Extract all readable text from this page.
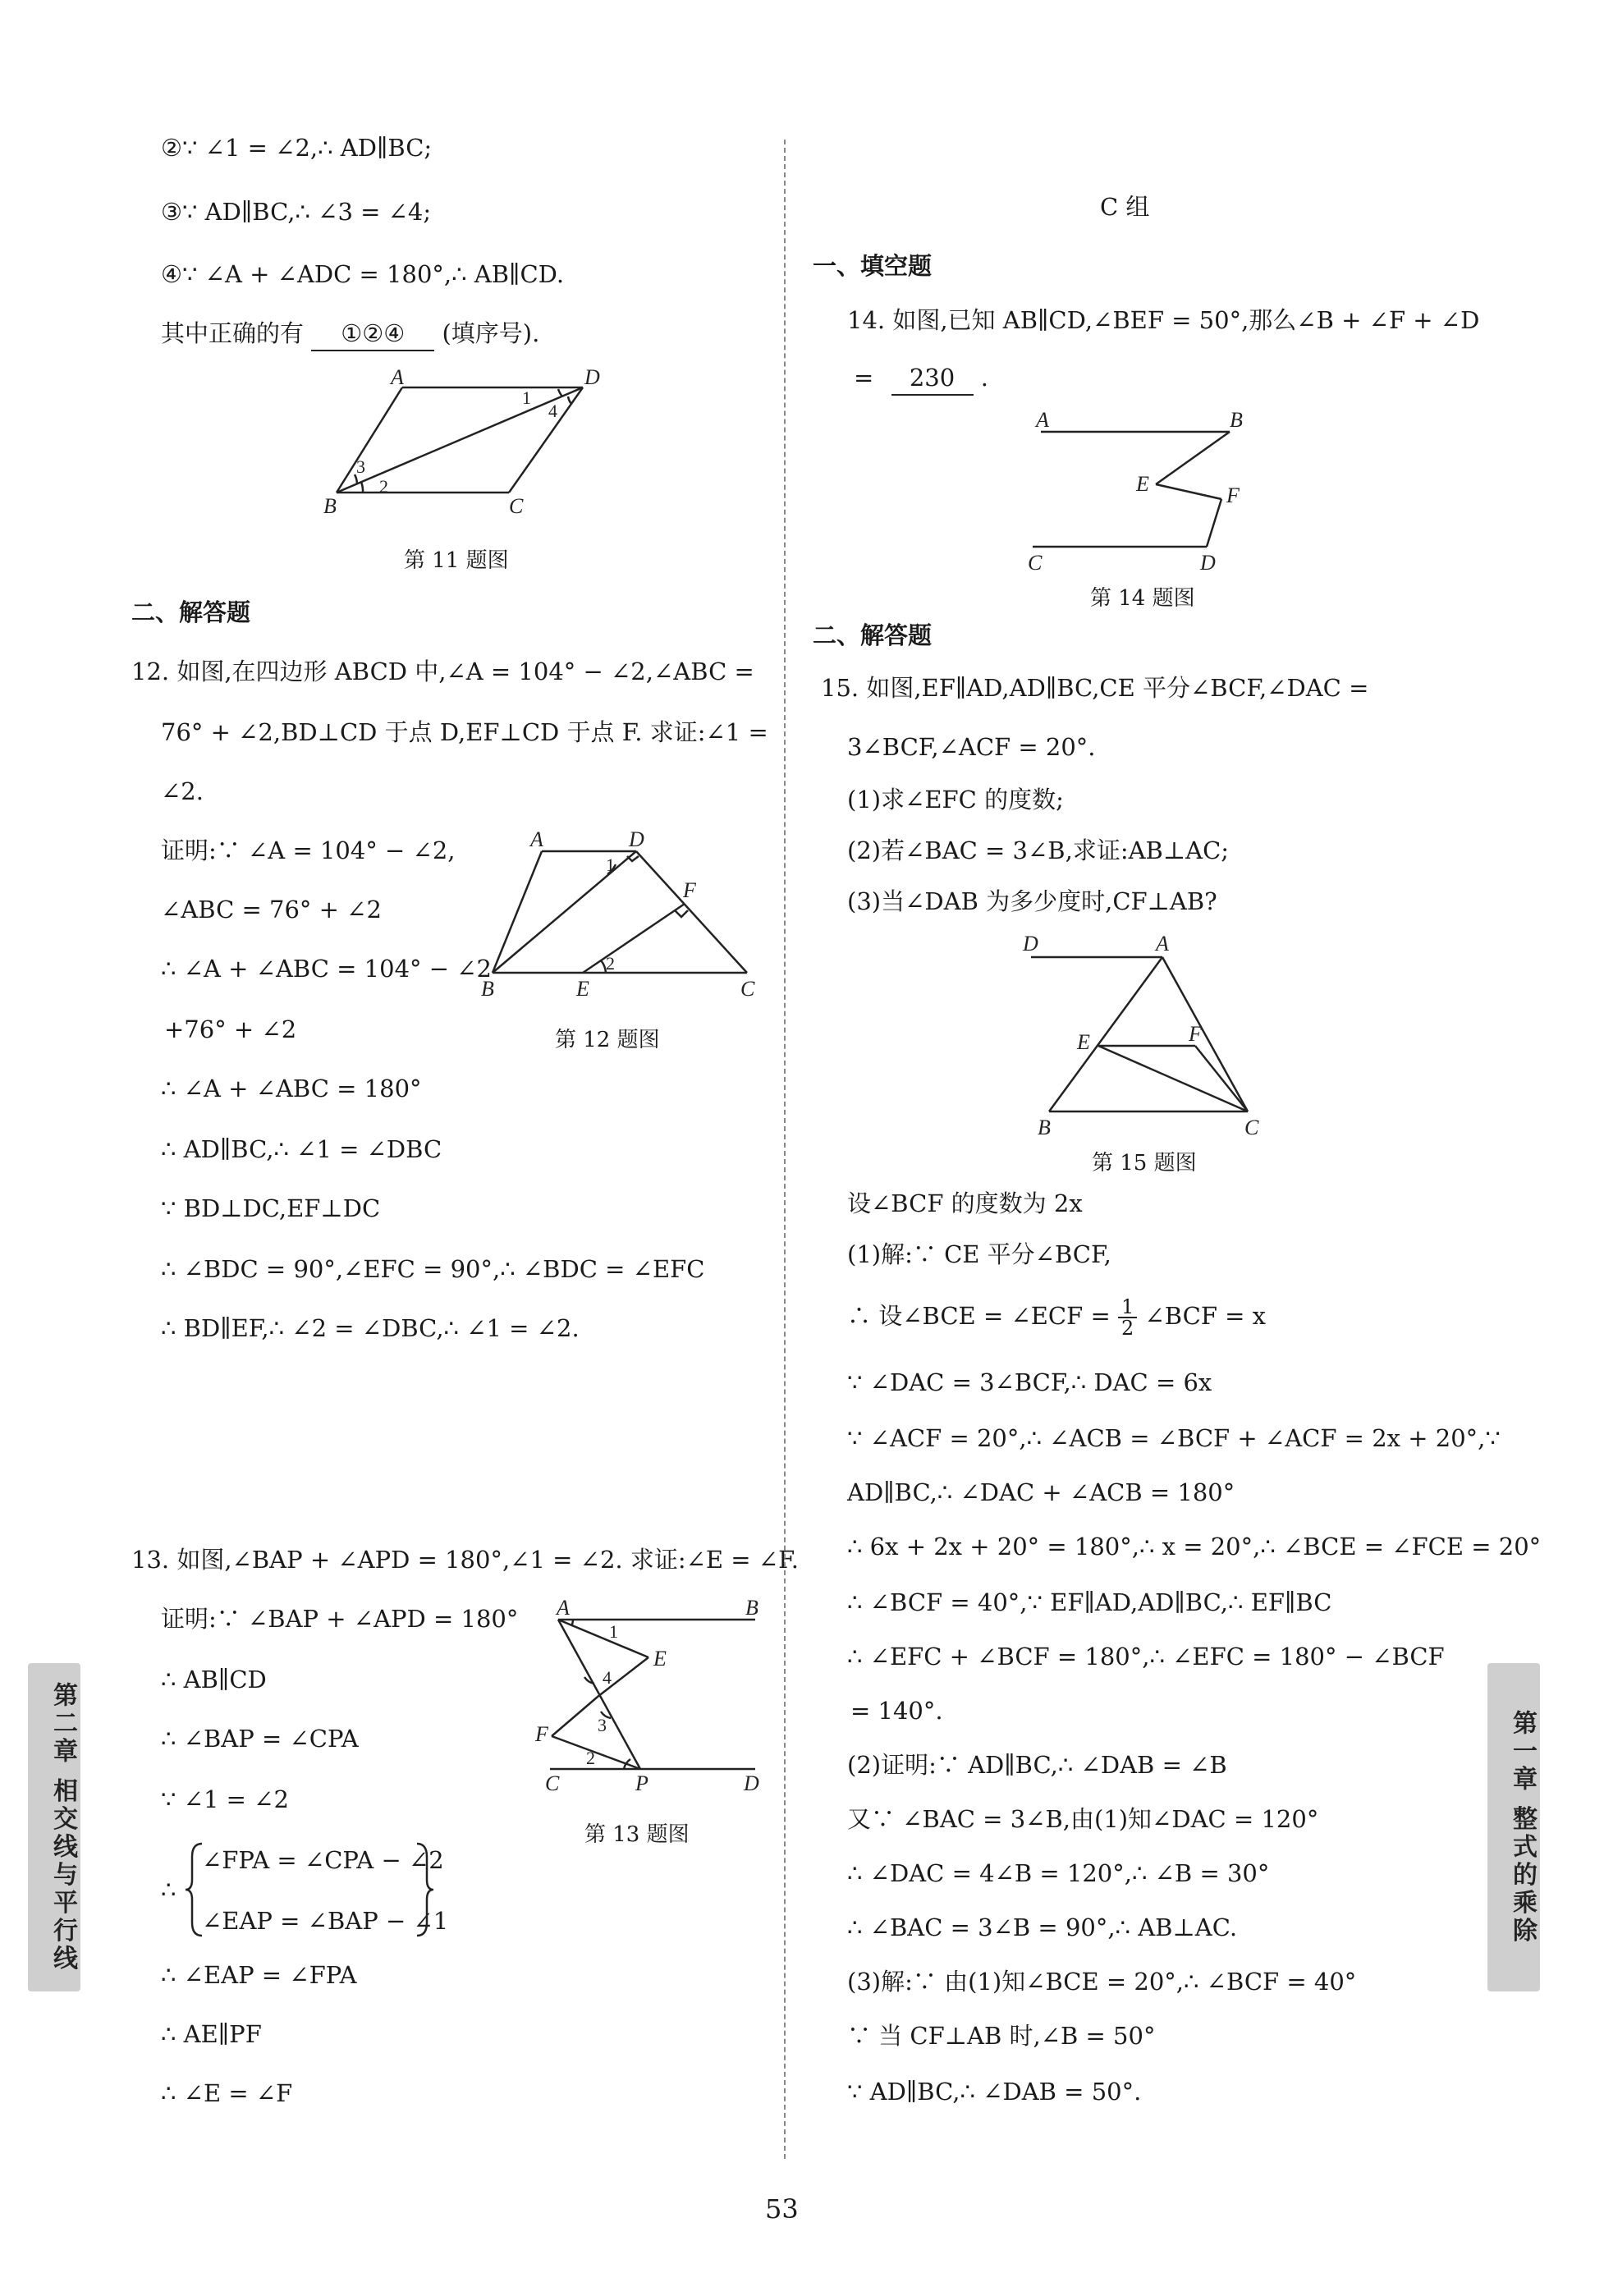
②∵ ∠1 = ∠2,∴ AD∥BC;
③∵ AD∥BC,∴ ∠3 = ∠4;
④∵ ∠A + ∠ADC = 180°,∴ AB∥CD.
其中正确的有 ①②④ (填序号).
A	D
B	C
1
2
3
4
第 11 题图
二、解答题
12. 如图,在四边形 ABCD 中,∠A = 104° − ∠2,∠ABC =
76° + ∠2,BD⊥CD 于点 D,EF⊥CD 于点 F. 求证:∠1 =
∠2.
证明:∵ ∠A = 104° − ∠2,
∠ABC = 76° + ∠2
∴ ∠A + ∠ABC = 104° − ∠2
+76° + ∠2
∴ ∠A + ∠ABC = 180°
∴ AD∥BC,∴ ∠1 = ∠DBC
∵ BD⊥DC,EF⊥DC
∴ ∠BDC = 90°,∠EFC = 90°,∴ ∠BDC = ∠EFC
∴ BD∥EF,∴ ∠2 = ∠DBC,∴ ∠1 = ∠2.
A	D
F
B	E	C
1
2
第 12 题图
13. 如图,∠BAP + ∠APD = 180°,∠1 = ∠2. 求证:∠E = ∠F.
证明:∵ ∠BAP + ∠APD = 180°
∴ AB∥CD
∴ ∠BAP = ∠CPA
∵ ∠1 = ∠2
∴
∠FPA = ∠CPA − ∠2
∠EAP = ∠BAP − ∠1
∴ ∠EAP = ∠FPA
∴ AE∥PF
∴ ∠E = ∠F
A	B
E
F
C	P	D
1
2
3
4
第 13 题图
C 组
一、填空题
14. 如图,已知 AB∥CD,∠BEF = 50°,那么∠B + ∠F + ∠D
= 230 .
A	B
E	F
C	D
第 14 题图
二、解答题
15. 如图,EF∥AD,AD∥BC,CE 平分∠BCF,∠DAC =
3∠BCF,∠ACF = 20°.
(1)求∠EFC 的度数;
(2)若∠BAC = 3∠B,求证:AB⊥AC;
(3)当∠DAB 为多少度时,CF⊥AB?
D	A
E	F
B	C
第 15 题图
设∠BCF 的度数为 2x
(1)解:∵ CE 平分∠BCF,
∴ 设∠BCE = ∠ECF = $\frac{1}{2}$ ∠BCF = x
∵ ∠DAC = 3∠BCF,∴ DAC = 6x
∵ ∠ACF = 20°,∴ ∠ACB = ∠BCF + ∠ACF = 2x + 20°,∵
AD∥BC,∴ ∠DAC + ∠ACB = 180°
∴ 6x + 2x + 20° = 180°,∴ x = 20°,∴ ∠BCE = ∠FCE = 20°
∴ ∠BCF = 40°,∵ EF∥AD,AD∥BC,∴ EF∥BC
∴ ∠EFC + ∠BCF = 180°,∴ ∠EFC = 180° − ∠BCF
= 140°.
(2)证明:∵ AD∥BC,∴ ∠DAB = ∠B
又∵ ∠BAC = 3∠B,由(1)知∠DAC = 120°
∴ ∠DAC = 4∠B = 120°,∴ ∠B = 30°
∴ ∠BAC = 3∠B = 90°,∴ AB⊥AC.
(3)解:∵ 由(1)知∠BCE = 20°,∴ ∠BCF = 40°
∵ 当 CF⊥AB 时,∠B = 50°
∵ AD∥BC,∴ ∠DAB = 50°.
第二章 相交线与平行线	第一章 整式的乘除
53
